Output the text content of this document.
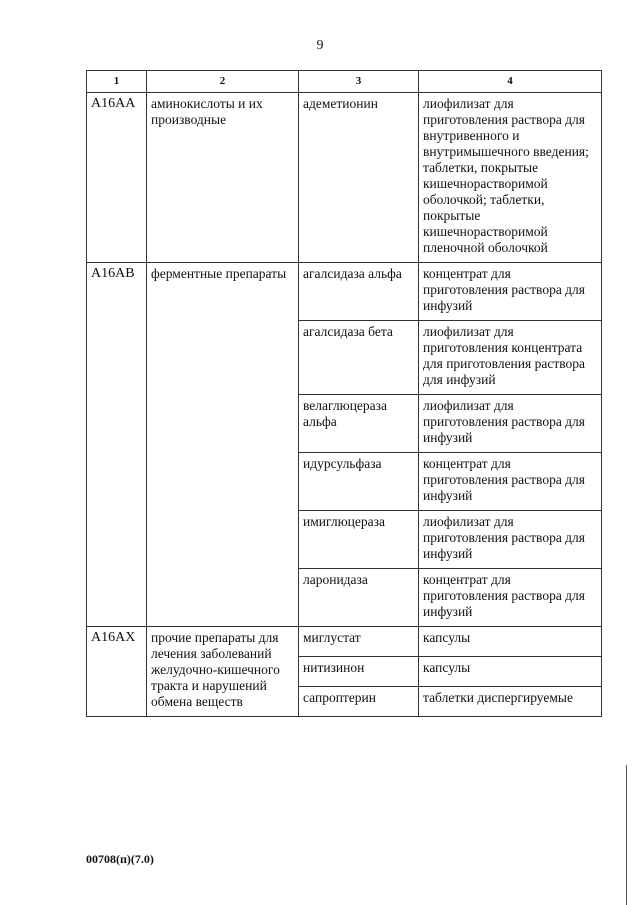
9
1	2	3	4
A16AA	аминокислоты и их производные	адеметионин	лиофилизат для приготовления раствора для внутривенного и внутримышечного введения; таблетки, покрытые кишечнорастворимой оболочкой; таблетки, покрытые кишечнорастворимой пленочной оболочкой
A16AB	ферментные препараты	агалсидаза альфа	концентрат для приготовления раствора для инфузий
		агалсидаза бета	лиофилизат для приготовления концентрата для приготовления раствора для инфузий
		велаглюцераза альфа	лиофилизат для приготовления раствора для инфузий
		идурсульфаза	концентрат для приготовления раствора для инфузий
		имиглюцераза	лиофилизат для приготовления раствора для инфузий
		ларонидаза	концентрат для приготовления раствора для инфузий
A16AX	прочие препараты для лечения заболеваний желудочно-кишечного тракта и нарушений обмена веществ	миглустат	капсулы
		нитизинон	капсулы
		сапроптерин	таблетки диспергируемые
00708(п)(7.0)
